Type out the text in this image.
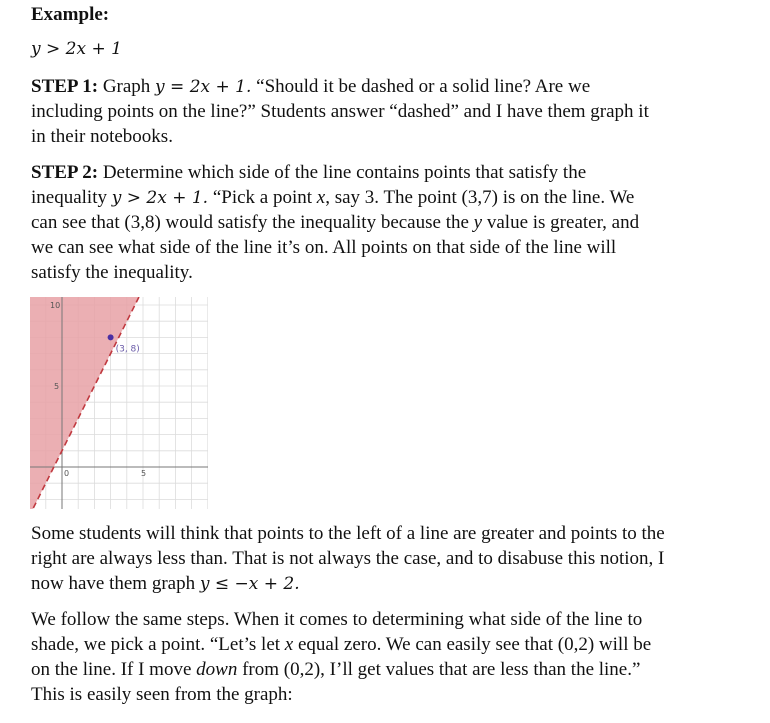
Example:
y > 2x + 1
STEP 1: Graph y = 2x + 1. “Should it be dashed or a solid line? Are we
including points on the line?” Students answer “dashed” and I have them graph it
in their notebooks.
STEP 2: Determine which side of the line contains points that satisfy the
inequality y > 2x + 1. “Pick a point x, say 3. The point (3,7) is on the line. We
can see that (3,8) would satisfy the inequality because the y value is greater, and
we can see what side of the line it’s on. All points on that side of the line will
satisfy the inequality.
Some students will think that points to the left of a line are greater and points to the
right are always less than. That is not always the case, and to disabuse this notion, I
now have them graph y ≤ −x + 2.
We follow the same steps. When it comes to determining what side of the line to
shade, we pick a point. “Let’s let x equal zero. We can easily see that (0,2) will be
on the line. If I move down from (0,2), I’ll get values that are less than the line.”
This is easily seen from the graph:
(3, 8)
10
5
0	5
